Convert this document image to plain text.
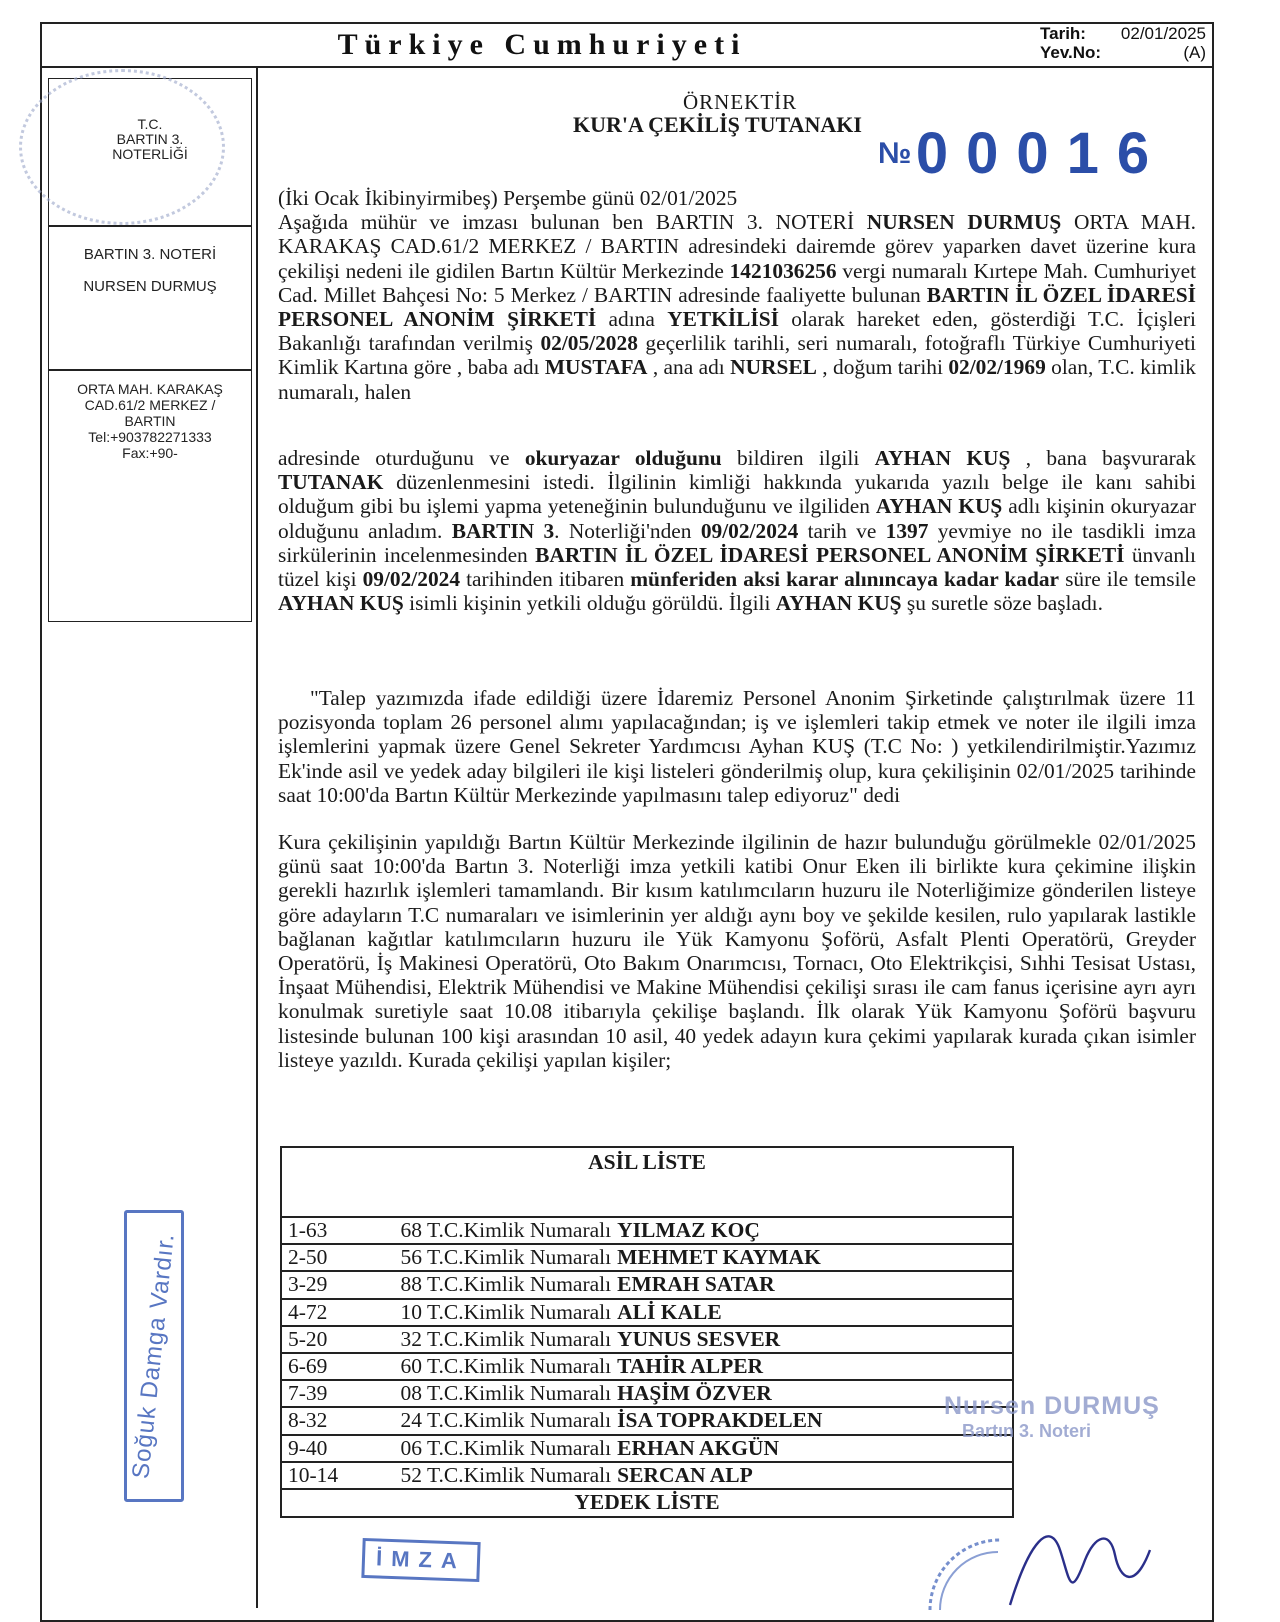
Türkiye Cumhuriyeti	Tarih: 02/01/2025
Yev.No:	(A)
T.C.
BARTIN 3.
NOTERLİĞİ
BARTIN 3. NOTERİ
NURSEN DURMUŞ
ORTA MAH. KARAKAŞ
CAD.61/2 MERKEZ /
BARTIN
Tel:+903782271333
Fax:+90-
Soğuk Damga Vardır.
ÖRNEKTİR
KUR'A ÇEKİLİŞ TUTANAKI
№ 00016
(İki Ocak İkibinyirmibeş) Perşembe günü 02/01/2025
Aşağıda mühür ve imzası bulunan ben BARTIN 3. NOTERİ NURSEN DURMUŞ ORTA MAH. KARAKAŞ CAD.61/2 MERKEZ / BARTIN adresindeki dairemde görev yaparken davet üzerine kura çekilişi nedeni ile gidilen Bartın Kültür Merkezinde 1421036256 vergi numaralı Kırtepe Mah. Cumhuriyet Cad. Millet Bahçesi No: 5 Merkez / BARTIN adresinde faaliyette bulunan BARTIN İL ÖZEL İDARESİ PERSONEL ANONİM ŞİRKETİ adına YETKİLİSİ olarak hareket eden, gösterdiği T.C. İçişleri Bakanlığı tarafından verilmiş 02/05/2028 geçerlilik tarihli, seri numaralı, fotoğraflı Türkiye Cumhuriyeti Kimlik Kartına göre , baba adı MUSTAFA , ana adı NURSEL , doğum tarihi 02/02/1969 olan, T.C. kimlik numaralı, halen
adresinde oturduğunu ve okuryazar olduğunu bildiren ilgili AYHAN KUŞ , bana başvurarak TUTANAK düzenlenmesini istedi. İlgilinin kimliği hakkında yukarıda yazılı belge ile kanı sahibi olduğum gibi bu işlemi yapma yeteneğinin bulunduğunu ve ilgiliden AYHAN KUŞ adlı kişinin okuryazar olduğunu anladım. BARTIN 3. Noterliği'nden 09/02/2024 tarih ve 1397 yevmiye no ile tasdikli imza sirkülerinin incelenmesinden BARTIN İL ÖZEL İDARESİ PERSONEL ANONİM ŞİRKETİ ünvanlı tüzel kişi 09/02/2024 tarihinden itibaren münferiden aksi karar alınıncaya kadar kadar süre ile temsile AYHAN KUŞ isimli kişinin yetkili olduğu görüldü. İlgili AYHAN KUŞ şu suretle söze başladı.
"Talep yazımızda ifade edildiği üzere İdaremiz Personel Anonim Şirketinde çalıştırılmak üzere 11 pozisyonda toplam 26 personel alımı yapılacağından; iş ve işlemleri takip etmek ve noter ile ilgili imza işlemlerini yapmak üzere Genel Sekreter Yardımcısı Ayhan KUŞ (T.C No: ) yetkilendirilmiştir.Yazımız Ek'inde asil ve yedek aday bilgileri ile kişi listeleri gönderilmiş olup, kura çekilişinin 02/01/2025 tarihinde saat 10:00'da Bartın Kültür Merkezinde yapılmasını talep ediyoruz" dedi
Kura çekilişinin yapıldığı Bartın Kültür Merkezinde ilgilinin de hazır bulunduğu görülmekle 02/01/2025 günü saat 10:00'da Bartın 3. Noterliği imza yetkili katibi Onur Eken ili birlikte kura çekimine ilişkin gerekli hazırlık işlemleri tamamlandı. Bir kısım katılımcıların huzuru ile Noterliğimize gönderilen listeye göre adayların T.C numaraları ve isimlerinin yer aldığı aynı boy ve şekilde kesilen, rulo yapılarak lastikle bağlanan kağıtlar katılımcıların huzuru ile Yük Kamyonu Şoförü, Asfalt Plenti Operatörü, Greyder Operatörü, İş Makinesi Operatörü, Oto Bakım Onarımcısı, Tornacı, Oto Elektrikçisi, Sıhhi Tesisat Ustası, İnşaat Mühendisi, Elektrik Mühendisi ve Makine Mühendisi çekilişi sırası ile cam fanus içerisine ayrı ayrı konulmak suretiyle saat 10.08 itibarıyla çekilişe başlandı. İlk olarak Yük Kamyonu Şoförü başvuru listesinde bulunan 100 kişi arasından 10 asil, 40 yedek adayın kura çekimi yapılarak kurada çıkan isimler listeye yazıldı. Kurada çekilişi yapılan kişiler;
ASİL LİSTE
1-63	68 T.C.Kimlik Numaralı YILMAZ KOÇ
2-50	56 T.C.Kimlik Numaralı MEHMET KAYMAK
3-29	88 T.C.Kimlik Numaralı EMRAH SATAR
4-72	10 T.C.Kimlik Numaralı ALİ KALE
5-20	32 T.C.Kimlik Numaralı YUNUS SESVER
6-69	60 T.C.Kimlik Numaralı TAHİR ALPER
7-39	08 T.C.Kimlik Numaralı HAŞİM ÖZVER
8-32	24 T.C.Kimlik Numaralı İSA TOPRAKDELEN
9-40	06 T.C.Kimlik Numaralı ERHAN AKGÜN
10-14	52 T.C.Kimlik Numaralı SERCAN ALP
YEDEK LİSTE
İMZA
Nursen DURMUŞ
Bartın 3. Noteri
